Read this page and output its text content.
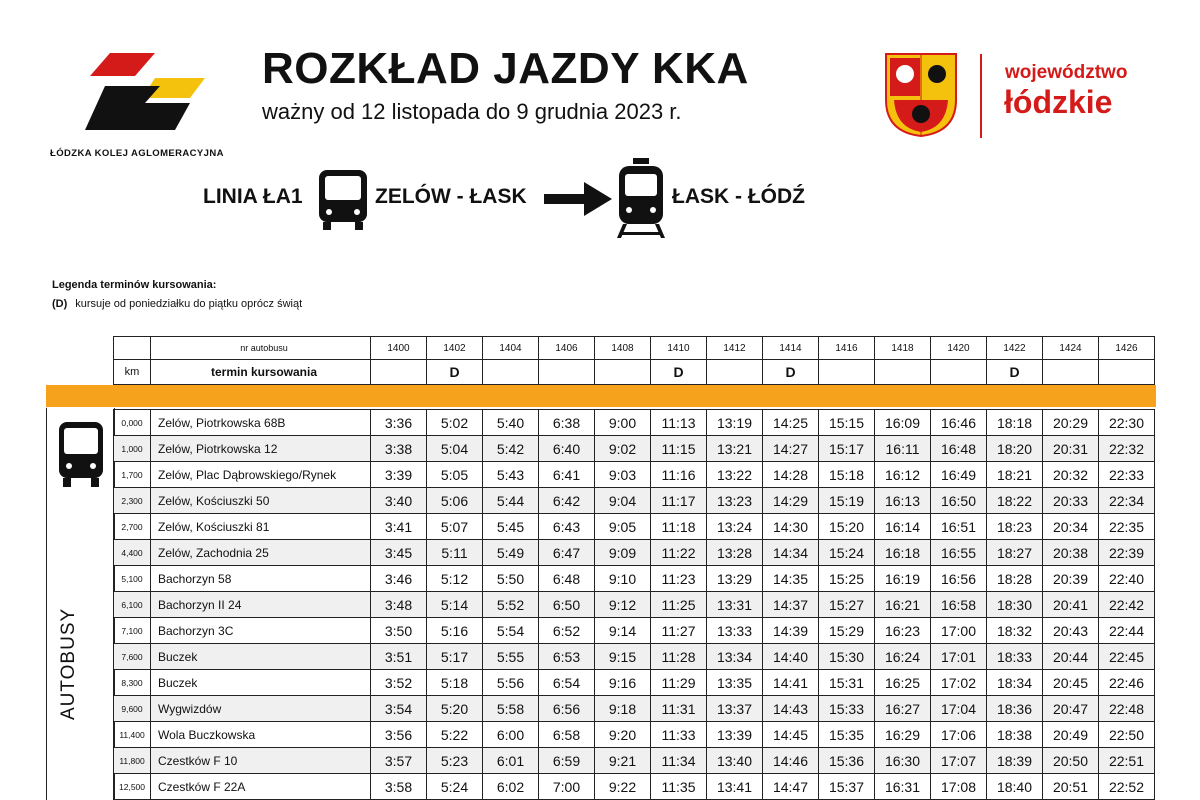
ŁÓDZKA KOLEJ AGLOMERACYJNA
ROZKŁAD JAZDY KKA
ważny od 12 listopada do 9 grudnia 2023 r.
województwo
łódzkie
LINIA ŁA1	ZELÓW - ŁASK	ŁASK - ŁÓDŹ
Legenda terminów kursowania:
(D) kursuje od poniedziałku do piątku oprócz świąt
AUTOBUSY
	nr autobusu	1400	1402	1404	1406	1408	1410	1412	1414	1416	1418	1420	1422	1424	1426
km	termin kursowania		D				D		D				D		

0,000	Zelów, Piotrkowska 68B	3:36	5:02	5:40	6:38	9:00	11:13	13:19	14:25	15:15	16:09	16:46	18:18	20:29	22:30
1,000	Zelów, Piotrkowska 12	3:38	5:04	5:42	6:40	9:02	11:15	13:21	14:27	15:17	16:11	16:48	18:20	20:31	22:32
1,700	Zelów, Plac Dąbrowskiego/Rynek	3:39	5:05	5:43	6:41	9:03	11:16	13:22	14:28	15:18	16:12	16:49	18:21	20:32	22:33
2,300	Zelów, Kościuszki 50	3:40	5:06	5:44	6:42	9:04	11:17	13:23	14:29	15:19	16:13	16:50	18:22	20:33	22:34
2,700	Zelów, Kościuszki 81	3:41	5:07	5:45	6:43	9:05	11:18	13:24	14:30	15:20	16:14	16:51	18:23	20:34	22:35
4,400	Zelów, Zachodnia 25	3:45	5:11	5:49	6:47	9:09	11:22	13:28	14:34	15:24	16:18	16:55	18:27	20:38	22:39
5,100	Bachorzyn 58	3:46	5:12	5:50	6:48	9:10	11:23	13:29	14:35	15:25	16:19	16:56	18:28	20:39	22:40
6,100	Bachorzyn II 24	3:48	5:14	5:52	6:50	9:12	11:25	13:31	14:37	15:27	16:21	16:58	18:30	20:41	22:42
7,100	Bachorzyn 3C	3:50	5:16	5:54	6:52	9:14	11:27	13:33	14:39	15:29	16:23	17:00	18:32	20:43	22:44
7,600	Buczek	3:51	5:17	5:55	6:53	9:15	11:28	13:34	14:40	15:30	16:24	17:01	18:33	20:44	22:45
8,300	Buczek	3:52	5:18	5:56	6:54	9:16	11:29	13:35	14:41	15:31	16:25	17:02	18:34	20:45	22:46
9,600	Wygwizdów	3:54	5:20	5:58	6:56	9:18	11:31	13:37	14:43	15:33	16:27	17:04	18:36	20:47	22:48
11,400	Wola Buczkowska	3:56	5:22	6:00	6:58	9:20	11:33	13:39	14:45	15:35	16:29	17:06	18:38	20:49	22:50
11,800	Czestków F 10	3:57	5:23	6:01	6:59	9:21	11:34	13:40	14:46	15:36	16:30	17:07	18:39	20:50	22:51
12,500	Czestków F 22A	3:58	5:24	6:02	7:00	9:22	11:35	13:41	14:47	15:37	16:31	17:08	18:40	20:51	22:52
